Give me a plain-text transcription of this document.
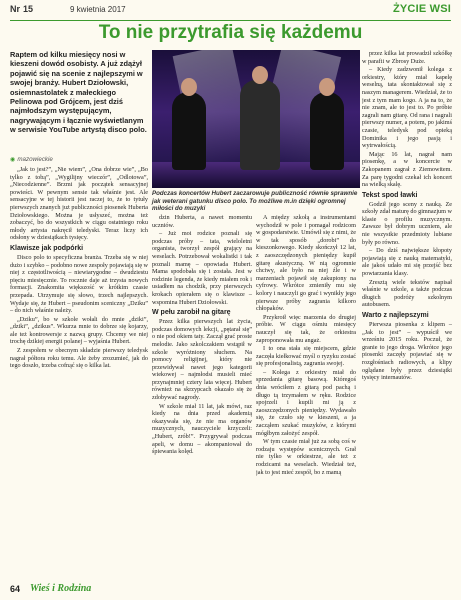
Nr 15	9 kwietnia 2017	ŻYCIE WSI
To nie przytrafia się każdemu
Raptem od kilku miesięcy nosi w kieszeni dowód osobisty. A już zdążył pojawić się na scenie z najlepszymi w swojej branży. Hubert Dziołowski, osiemnastolatek z małeckiego Pelinowa pod Grójcem, jest dziś najmłodszym występującym, nagrywającym i łącznie wyświetlanym w serwisie YouTube artystą disco polo.
◉ mazowieckie
Podczas koncertów Hubert zaczarowuje publiczność równie sprawnie jak weterani gatunku disco polo. To możliwe m.in dzięki ogromnej miłości do muzyki

„Jak to jest?”, „Nie wiem”, „Ona dobrze wie”, „Bo tylko z tobą”, „Wygilijny wieczór”, „Odlotowa”, „Niecodzienne”. Brzmi jak początek sensacyjnej powieści. W pewnym sensie tak właśnie jest. Ale sensacyjne w tej historii jest raczej to, że to tytuły pierwszych znanych już publiczności piosenek Huberta Dziołowskiego. Można je usłyszeć, można też zobaczyć, bo do wszystkich w ciągu ostatniego roku młody artysta nakręcił teledyski. Teraz liczy ich odsłony w dziesiątkach tysięcy.

Klawisze jak podpórki

Disco polo to specyficzna branża. Trzeba się w niej dużo i szybko – podobno nowe zespoły pojawiają się w niej z częstotliwością – niewiarygodne – dwudziestu pięciu miesięcznie. To rocznie daje aż trzysta nowych formacji. Znakomita większość w krótkim czasie przepada. Utrzymuje się słowo, trzech najlepszych. Wydaje się, że Hubert – pseudonim sceniczny „Dziku” – do nich właśnie należy.

„Dziku”, bo w szkole wołali do mnie „dziki”, „dziki”, „dzikus”. Wkurza mnie to dobrze się kojarzy, ale też kontrowersje z nazwą grupy. Chcemy we niej trochę dzikiej energii polanej – wyjaśnia Hubert.

Z zespołem w obecnym składzie pierwszy teledysk nagrał półtora roku temu. Ale żeby zrozumieć, jak do tego doszło, trzeba cofnąć się o kilka lat.

dzin Huberta, a nawet momentu uczniów.

– Już moi rodzice poznali się podczas próby – tata, wieloletni organista, tworzył zespół grający na weselach. Potrzebował wokalistki i tak poznali mamę – opowiada Hubert. Mama spodobała się i została. Jest w rodzinie legenda, że kiedy miałem rok i usiadłem na chodzik, przy pierwszych krokach opierałem się o klawisze – wspomina Hubert Dziołowski.

W pełu zarobił na gitarę

Przez kilka pierwszych lat życia, podczas domowych lekcji, „pętarał się” o nie pod okiem taty. Zaczął grać proste melodie. Jako szkolczakiem wstąpił w szkole wyróżniony słuchem. Na pomocy religijnej, który nie przewidywał nawet jego kategorii wiekowej – najmłodsi musieli mieć przynajmniej cztery lata więcej. Hubert również na skrzypcach okazało się że zdobywać nagrody.

W szkole miał 11 lat, jak mówi, raz kiedy na dnia przed akademią okazywała się, że nie ma organów muzycznych, nauczyciele krzyczeli: „Hubert, zrób!”. Przygrywał podczas apeli, w domu – akompaniował do śpiewania kolęd.

A między szkołą a instrumentami wychodził w pole i pomagał rodzicom w gospodarstwie. Umówił się z nimi, że w tak sposób „dorobi” do kieszonkowego. Kiedy skończył 12 lat, z zaoszczędzonych pieniędzy kupił gitarę akustyczną. W nią ogromnie chciwy, ale było na niej źle i w marzeniach pojawił się zakupiony na cyfrowy. Wkrótce zmieniły mu się kolory i nauczyli go grać i wynikły jego pierwsze próby zagrania kilkoro chłopaków.

Przykroił więc marzenia do drugiej próbie. W ciągu ośmiu miesięcy nauczył się tak, że orkiestra zaproponowała mu angaż.

I to ona stała się miejscem, gdzie zaczęła kiełkować myśl o ryzyku zostać się profesjonalistą, zagrania swojej.

– Kolega z orkiestry miał do sprzedania gitarę basową. Któregoś dnia wróciłem z gitarą pod pachą i długo tą trzymałem w ręku. Rodzice spojrzeli i kupili mi ją z zaoszczędzonych pieniędzy. Wydawało się, że czuło się w kieszeni, a ja zacząłem szukać muzyków, z którymi mógłbym założyć zespół.

W tym czasie miał już za sobą coś w rodzaju występów scenicznych. Grał nie tylko w orkiestrze, ale też z rodzicami na weselach. Wiedział też, jak to jest mieć zespół, bo z mamą

przez kilka lat prowadził szkółkę w parafii w Zbrosy Duże.

– Kiedy zadzwonił kolega z orkiestry, który miał kapelę weselną, tata skontaktował się z naszym managerem. Wiedział, że to jest z tym mam kogo. A ja na to, że nie znam, ale to jest to. Po próbie zagrali nam gitarę. Od rana i nagrali pierwszy numer, a potem, po jakimś czasie, teledysk pod opieką Dominika i jego pasją i wytrwałością.

Mając 16 lat, nagrał nam piosenkę, a w koncercie w Zakopanem zagrał z Ziemowitem. Za parę tygodni czekał ich koncert na wielką skalę.

Tekst spod ławki

Godził jego sceny z nauką. Ze szkoły zdał maturę do gimnazjum w klasie o profilu muzycznym. Zawsze był dobrym uczniem, ale nie wszystkie przedmioty lubiane były po równo.

– Do dziś największe kłopoty pojawiają się z nauką matematyki, ale jakoś udało mi się przejść bez powtarzania klasy.

Zresztą wiele tekstów napisał właśnie w szkole, a także podczas długich podróży szkolnym autobusem.

Warto z najlepszymi

Pierwsza piosenka z klipem – „Jak to jest” – wypuścił we wrześniu 2015 roku. Poczuł, że granie to jego droga. Wkrótce jego piosenki zaczęły pojawiać się w rozgłośniach radiowych, a klipy oglądane były przez dziesiątki tysięcy internautów.

64 Wieś i Rodzina
